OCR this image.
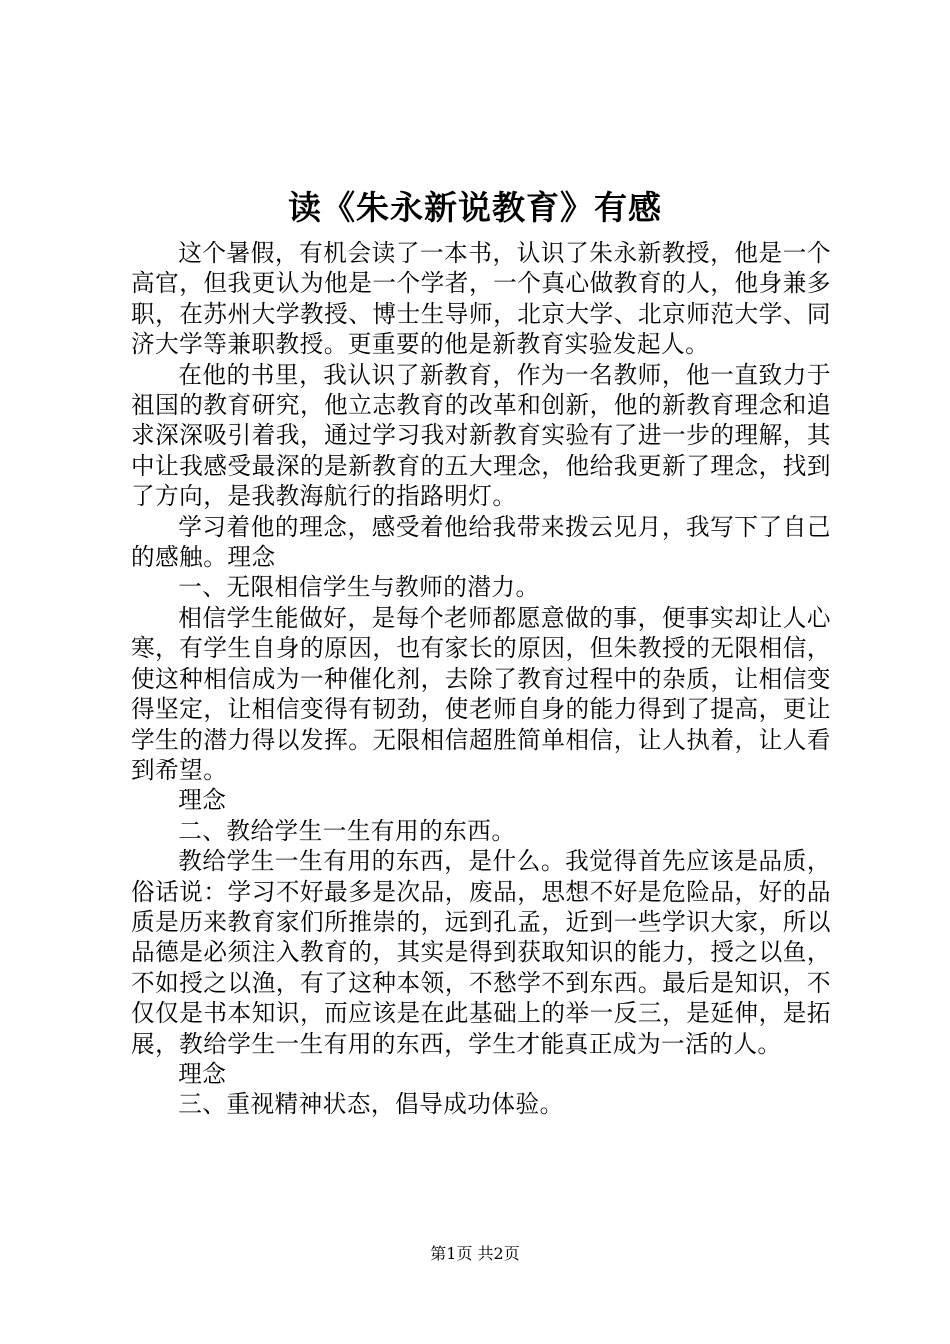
读《朱永新说教育》有感

这个暑假，有机会读了一本书，认识了朱永新教授，他是一个高官，但我更认为他是一个学者，一个真心做教育的人，他身兼多职，在苏州大学教授、博士生导师，北京大学、北京师范大学、同济大学等兼职教授。更重要的他是新教育实验发起人。

在他的书里，我认识了新教育，作为一名教师，他一直致力于祖国的教育研究，他立志教育的改革和创新，他的新教育理念和追求深深吸引着我，通过学习我对新教育实验有了进一步的理解，其中让我感受最深的是新教育的五大理念，他给我更新了理念，找到了方向，是我教海航行的指路明灯。

学习着他的理念，感受着他给我带来拨云见月，我写下了自己的感触。理念

一、无限相信学生与教师的潜力。

相信学生能做好，是每个老师都愿意做的事，便事实却让人心寒，有学生自身的原因，也有家长的原因，但朱教授的无限相信，使这种相信成为一种催化剂，去除了教育过程中的杂质，让相信变得坚定，让相信变得有韧劲，使老师自身的能力得到了提高，更让学生的潜力得以发挥。无限相信超胜简单相信，让人执着，让人看到希望。

理念

二、教给学生一生有用的东西。

教给学生一生有用的东西，是什么。我觉得首先应该是品质，俗话说：学习不好最多是次品，废品，思想不好是危险品，好的品质是历来教育家们所推崇的，远到孔孟，近到一些学识大家，所以品德是必须注入教育的，其实是得到获取知识的能力，授之以鱼，不如授之以渔，有了这种本领，不愁学不到东西。最后是知识，不仅仅是书本知识，而应该是在此基础上的举一反三，是延伸，是拓展，教给学生一生有用的东西，学生才能真正成为一活的人。

理念

三、重视精神状态，倡导成功体验。

第1页 共2页
